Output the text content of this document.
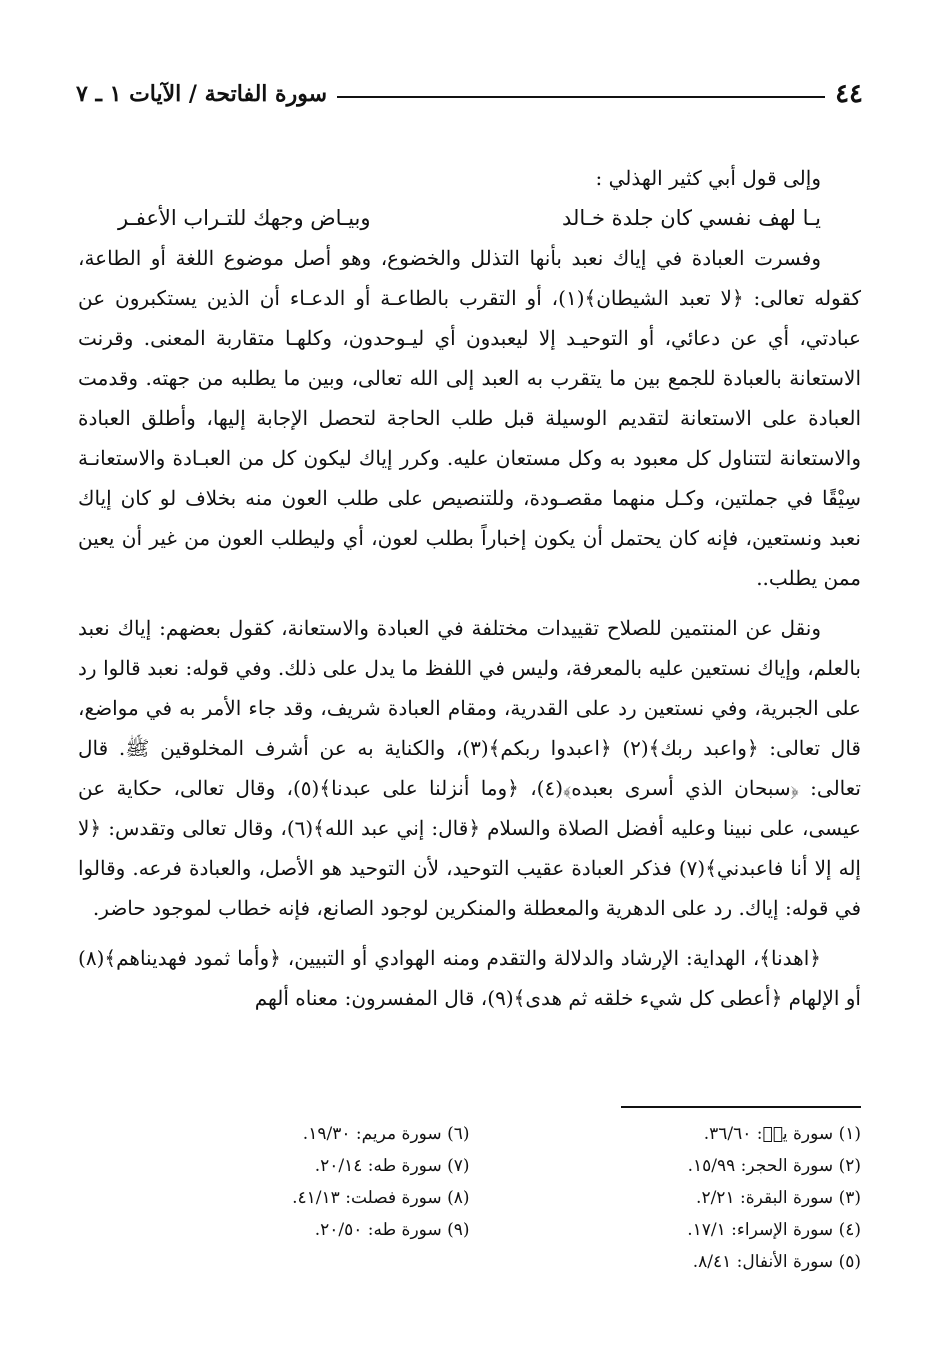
٤٤
سورة الفاتحة / الآيات ١ ـ ٧

وإلى قول أبي كثير الهذلي :

يـا لهف نفسي كان جلدة خـالد
وبيـاض وجهك للتـراب الأعفـر

وفسرت العبادة في إياك نعبد بأنها التذلل والخضوع، وهو أصل موضوع اللغة أو الطاعة، كقوله تعالى: ﴿لا تعبد الشيطان﴾(١)، أو التقرب بالطاعـة أو الدعـاء أن الذين يستكبرون عن عبادتي، أي عن دعائي، أو التوحيـد إلا ليعبدون أي ليـوحدون، وكلهـا متقاربة المعنى. وقرنت الاستعانة بالعبادة للجمع بين ما يتقرب به العبد إلى الله تعالى، وبين ما يطلبه من جهته. وقدمت العبادة على الاستعانة لتقديم الوسيلة قبل طلب الحاجة لتحصل الإجابة إليها، وأطلق العبادة والاستعانة لتتناول كل معبود به وكل مستعان عليه. وكرر إياك ليكون كل من العبـادة والاستعانـة سِيْقًا في جملتين، وكـل منهما مقصـودة، وللتنصيص على طلب العون منه بخلاف لو كان إياك نعبد ونستعين، فإنه كان يحتمل أن يكون إخباراً بطلب لعون، أي وليطلب العون من غير أن يعين ممن يطلب..

ونقل عن المنتمين للصلاح تقييدات مختلفة في العبادة والاستعانة، كقول بعضهم: إياك نعبد بالعلم، وإياك نستعين عليه بالمعرفة، وليس في اللفظ ما يدل على ذلك. وفي قوله: نعبد قالوا رد على الجبرية، وفي نستعين رد على القدرية، ومقام العبادة شريف، وقد جاء الأمر به في مواضع، قال تعالى: ﴿واعبد ربك﴾(٢) ﴿اعبدوا ربكم﴾(٣)، والكناية به عن أشرف المخلوقين ﷺ. قال تعالى: ﴿سبحان الذي أسرى بعبده﴾(٤)، ﴿وما أنزلنا على عبدنا﴾(٥)، وقال تعالى، حكاية عن عيسى، على نبينا وعليه أفضل الصلاة والسلام ﴿قال: إني عبد الله﴾(٦)، وقال تعالى وتقدس: ﴿لا إله إلا أنا فاعبدني﴾(٧) فذكر العبادة عقيب التوحيد، لأن التوحيد هو الأصل، والعبادة فرعه. وقالوا في قوله: إياك. رد على الدهرية والمعطلة والمنكرين لوجود الصانع، فإنه خطاب لموجود حاضر.

﴿اهدنا﴾، الهداية: الإرشاد والدلالة والتقدم ومنه الهوادي أو التبيين، ﴿وأما ثمود فهديناهم﴾(٨) أو الإلهام ﴿أعطى كل شيء خلقه ثم هدى﴾(٩)، قال المفسرون: معناه ألهم

(١) سورة يسۤ: ٣٦/٦٠.
(٢) سورة الحجر: ١٥/٩٩.
(٣) سورة البقرة: ٢/٢١.
(٤) سورة الإسراء: ١٧/١.
(٥) سورة الأنفال: ٨/٤١.
(٦) سورة مريم: ١٩/٣٠.
(٧) سورة طه: ٢٠/١٤.
(٨) سورة فصلت: ٤١/١٣.
(٩) سورة طه: ٢٠/٥٠.
